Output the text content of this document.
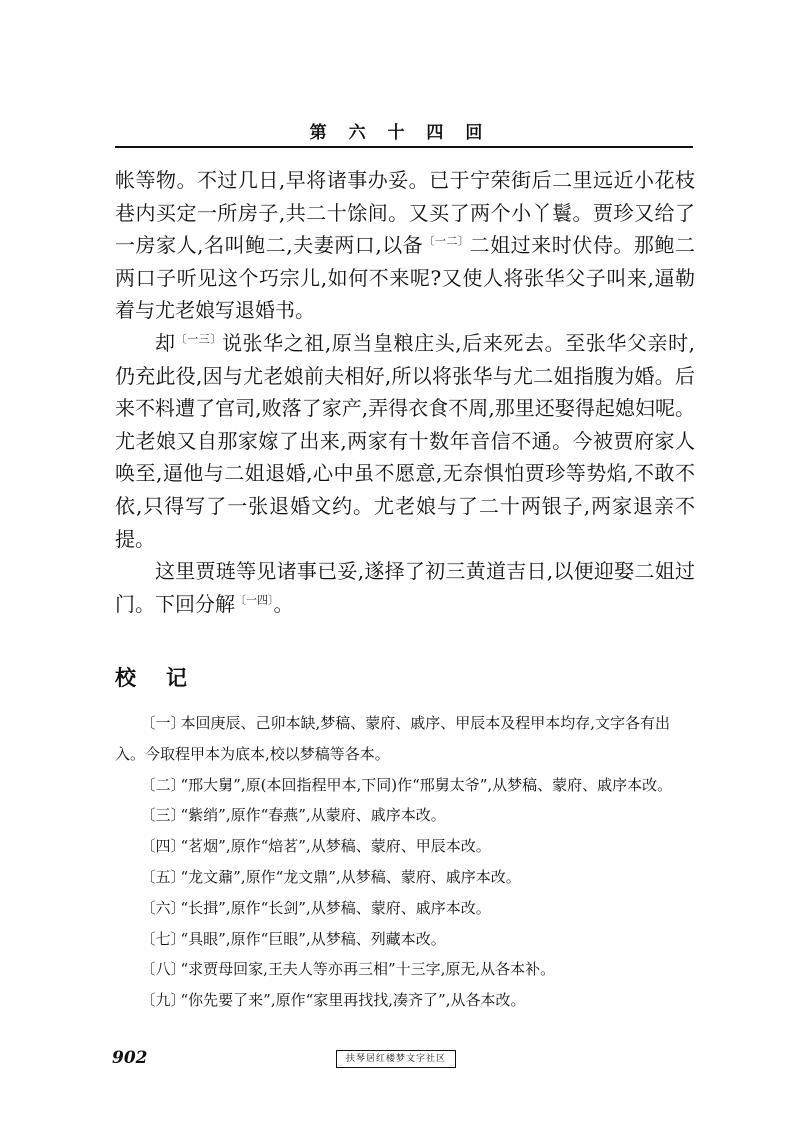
第 六 十 四 回

帐等物。不过几日,早将诸事办妥。已于宁荣街后二里远近小花枝巷内买定一所房子,共二十馀间。又买了两个小丫鬟。贾珍又给了一房家人,名叫鲍二,夫妻两口,以备$^{〔一二〕}$二姐过来时伏侍。那鲍二两口子听见这个巧宗儿,如何不来呢?又使人将张华父子叫来,逼勒着与尤老娘写退婚书。

却$^{〔一三〕}$说张华之祖,原当皇粮庄头,后来死去。至张华父亲时,仍充此役,因与尤老娘前夫相好,所以将张华与尤二姐指腹为婚。后来不料遭了官司,败落了家产,弄得衣食不周,那里还娶得起媳妇呢。尤老娘又自那家嫁了出来,两家有十数年音信不通。今被贾府家人唤至,逼他与二姐退婚,心中虽不愿意,无奈惧怕贾珍等势焰,不敢不依,只得写了一张退婚文约。尤老娘与了二十两银子,两家退亲不提。

这里贾琏等见诸事已妥,遂择了初三黄道吉日,以便迎娶二姐过门。下回分解$^{〔一四〕}$。

校记

〔一〕本回庚辰、己卯本缺,梦稿、蒙府、戚序、甲辰本及程甲本均存,文字各有出入。今取程甲本为底本,校以梦稿等各本。

〔二〕“邢大舅”,原(本回指程甲本,下同)作“邢舅太爷”,从梦稿、蒙府、戚序本改。

〔三〕“紫绡”,原作“春燕”,从蒙府、戚序本改。

〔四〕“茗烟”,原作“焙茗”,从梦稿、蒙府、甲辰本改。

〔五〕“龙文鼐”,原作“龙文鼎”,从梦稿、蒙府、戚序本改。

〔六〕“长揖”,原作“长剑”,从梦稿、蒙府、戚序本改。

〔七〕“具眼”,原作“巨眼”,从梦稿、列藏本改。

〔八〕“求贾母回家,王夫人等亦再三相”十三字,原无,从各本补。

〔九〕“你先要了来”,原作“家里再找找,凑齐了”,从各本改。

902	扶琴居红楼梦文字社区
